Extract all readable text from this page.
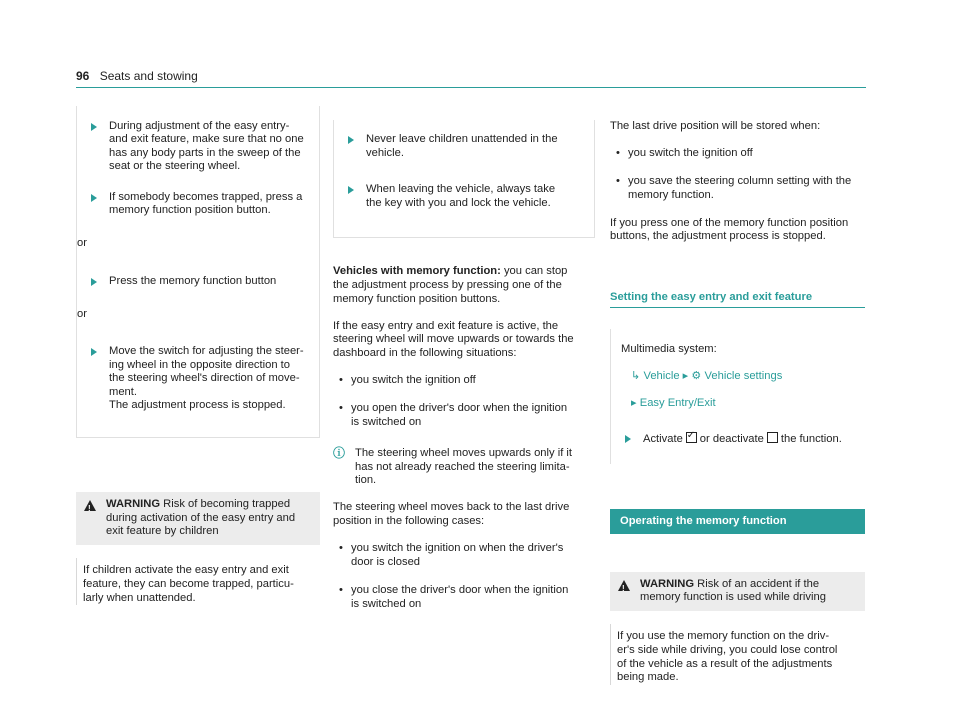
96 Seats and stowing

During adjustment of the easy entry-
and exit feature, make sure that no one
has any body parts in the sweep of the
seat or the steering wheel.

If somebody becomes trapped, press a
memory function position button.

or

Press the memory function button

or

Move the switch for adjusting the steer-
ing wheel in the opposite direction to
the steering wheel's direction of move-
ment.
The adjustment process is stopped.

! WARNING Risk of becoming trapped
during activation of the easy entry and
exit feature by children

If children activate the easy entry and exit
feature, they can become trapped, particu-
larly when unattended.

Never leave children unattended in the
vehicle.

When leaving the vehicle, always take
the key with you and lock the vehicle.

Vehicles with memory function: you can stop
the adjustment process by pressing one of the
memory function position buttons.

If the easy entry and exit feature is active, the
steering wheel will move upwards or towards the
dashboard in the following situations:

• you switch the ignition off

• you open the driver's door when the ignition
is switched on

ⓘ The steering wheel moves upwards only if it
has not already reached the steering limita-
tion.

The steering wheel moves back to the last drive
position in the following cases:

• you switch the ignition on when the driver's
door is closed

• you close the driver's door when the ignition
is switched on

The last drive position will be stored when:

• you switch the ignition off

• you save the steering column setting with the
memory function.

If you press one of the memory function position
buttons, the adjustment process is stopped.

Setting the easy entry and exit feature

Multimedia system:

↳ Vehicle ▸ ⚙ Vehicle settings

▸ Easy Entry/Exit

Activate✓ or deactivate the function.

Operating the memory function

! WARNING Risk of an accident if the
memory function is used while driving

If you use the memory function on the driv-
er's side while driving, you could lose control
of the vehicle as a result of the adjustments
being made.
